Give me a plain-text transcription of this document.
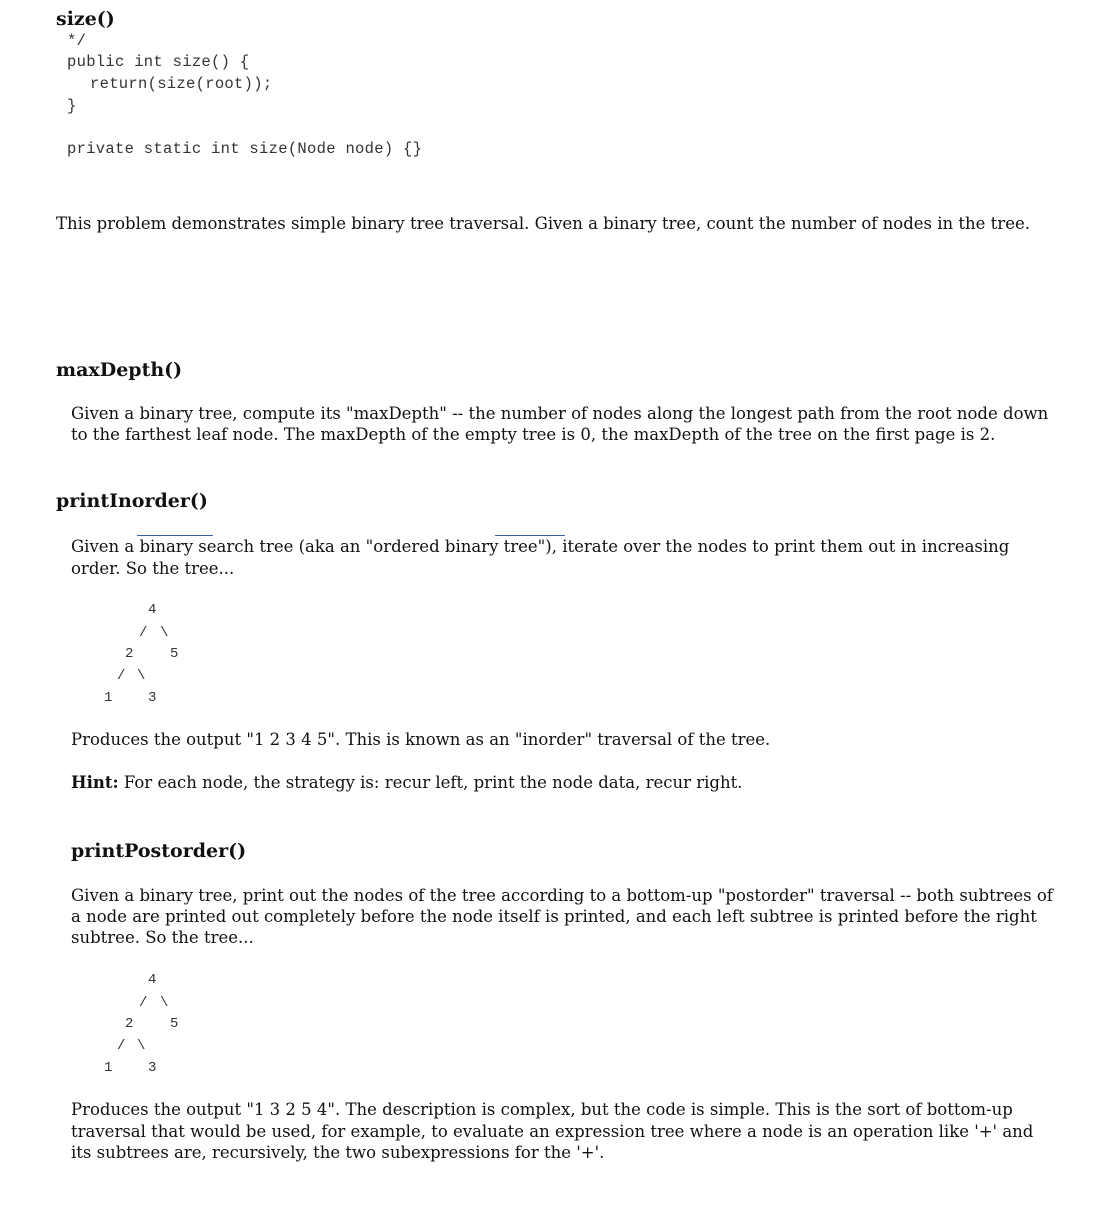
size()
*/
public int size() {
return(size(root));
}
private static int size(Node node) {}
This problem demonstrates simple binary tree traversal. Given a binary tree, count the number of nodes in the tree.
maxDepth()
Given a binary tree, compute its "maxDepth" -- the number of nodes along the longest path from the root node down
to the farthest leaf node. The maxDepth of the empty tree is 0, the maxDepth of the tree on the first page is 2.
printInorder()
Given a binary search tree (aka an "ordered binary tree"), iterate over the nodes to print them out in increasing
order. So the tree...
4
/ \
2	5
/ \
1	3
Produces the output "1 2 3 4 5". This is known as an "inorder" traversal of the tree.
Hint: For each node, the strategy is: recur left, print the node data, recur right.
printPostorder()
Given a binary tree, print out the nodes of the tree according to a bottom-up "postorder" traversal -- both subtrees of
a node are printed out completely before the node itself is printed, and each left subtree is printed before the right
subtree. So the tree...
4
/ \
2	5
/ \
1	3
Produces the output "1 3 2 5 4". The description is complex, but the code is simple. This is the sort of bottom-up
traversal that would be used, for example, to evaluate an expression tree where a node is an operation like '+' and
its subtrees are, recursively, the two subexpressions for the '+'.
